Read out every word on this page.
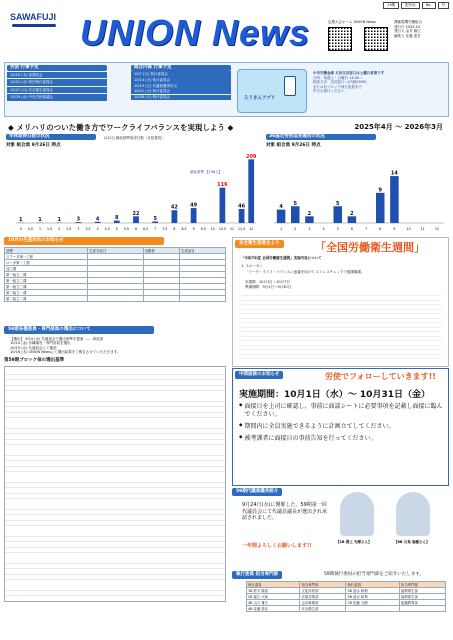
19期	配布用	No.	号
SAWAFUJI UNION News	定期大会ホーム UNION News	澤藤電機労働組合
発行日 2025.10
発行人 金井 隆広
編集人 佐藤 恵吾
労使 行事予定
10/16 (木) 部課長会
10/22 (水) 常任執行委員会
10/27 (月) 安全衛生委員会
10/29 (水) 中央労使協議会
組合内部 行事予定
10/7 (火) 執行委員会
10/14 (火) 執行委員会
10/19 (日) 代議員選挙告示
10/21 (火) 執行委員会
10/28 (火) 執行委員会	ろうきんアプリ
中央労働金庫 太田支店窓口は土曜日営業です
日時：毎週土・日曜日 14:00～
相談方法：告知窓口へ(内線2559)
または各ブロック執行委員まで
声をお掛けください
◆ メリハリのついた働き方でワークライフバランスを実現しよう ◆	2025年4月 ～ 2026年3月
年休取得日数の状況	(12日) 最低基準取得日数（全従業員）
対象 組合員 9月26日 時点
36協定特別延長適用の状況
対象 組合員 9月26日 時点
最低基準 【136人】
1
0 0.5
1
1 1.5
1
2 2.5
3
3 3.5
4
4 4.5
8
5 5.5
22
6 6.5
5
7 7.5
42
8 8.5
49
9 9.5 10
116
10.5 11
46
11.5
209
12
4
1
5
2
2
3	4
5
5
2
6	7
9
8
14
9	10	11	12
10月の生産対応のお知らせ
部署	生産対応日	出勤者	生産品目
ステータ第一工程			
ロータ第一工程			
加工課			
第一組立一課			
第一組立二課			
第一組立三課			
第二組立一課			
第二組立二課			
59期各種委員・専門部員の選出について
【選出】 9/24 (水) 代議員会で選出基準を提案 …… 承認済
10/10 (金) 各職場長・専門部員を選出
10/15 (水) 代議員会にて確認
10/16 (木) UNION Newsにて選出結果をご報告させていただきます。
第59期ブロック毎の選出基準
安全衛生委員会より	「全国労働衛生週間」
「令和7年度 全国労働衛生週間」実施内容について
1. スローガン
「ワーク・ライフ・バランスに意識を向けて ストレスチェックで健康職場」
本週間：10月1日～10月7日
準備期間：9月1日～9月30日
中間面接のお知らせ	労使でフォローしていきます!!
実施期間：10月1日（水）～ 10月31日（金）
◆ 面接日を上司に確認し、事前に面談シートに必要事項を記載し面接に臨んでください。
◆ 期間内に全員実施できるように計画立てしてください。
◆ 被考課者に面接日の事前告知を行ってください。
59期代議員議長紹介
9月24日(水)に開催した、59期第一回代議員会にて代議員議長が選出され承認されました。
一年間よろしくお願いします!!
【1B 開上 光輝さん】	【6B 石島 瑞穂さん】
執行委員 担当専門部	59期執行委員の担当専門部をご紹介いたします。
執行委員	担当専門部	執行委員	担当専門部
1B 鈴木 隆浩	文化体育部	5B 清水 和利	福利厚生部
2B 堀江 大和	法規対策部	5B 清水 和利	福利厚生部
3B 山口 雅夫	会計事務部	7B 佐藤 大樹	組織教育部
4B 佐藤 泰弘	安全衛生部		
